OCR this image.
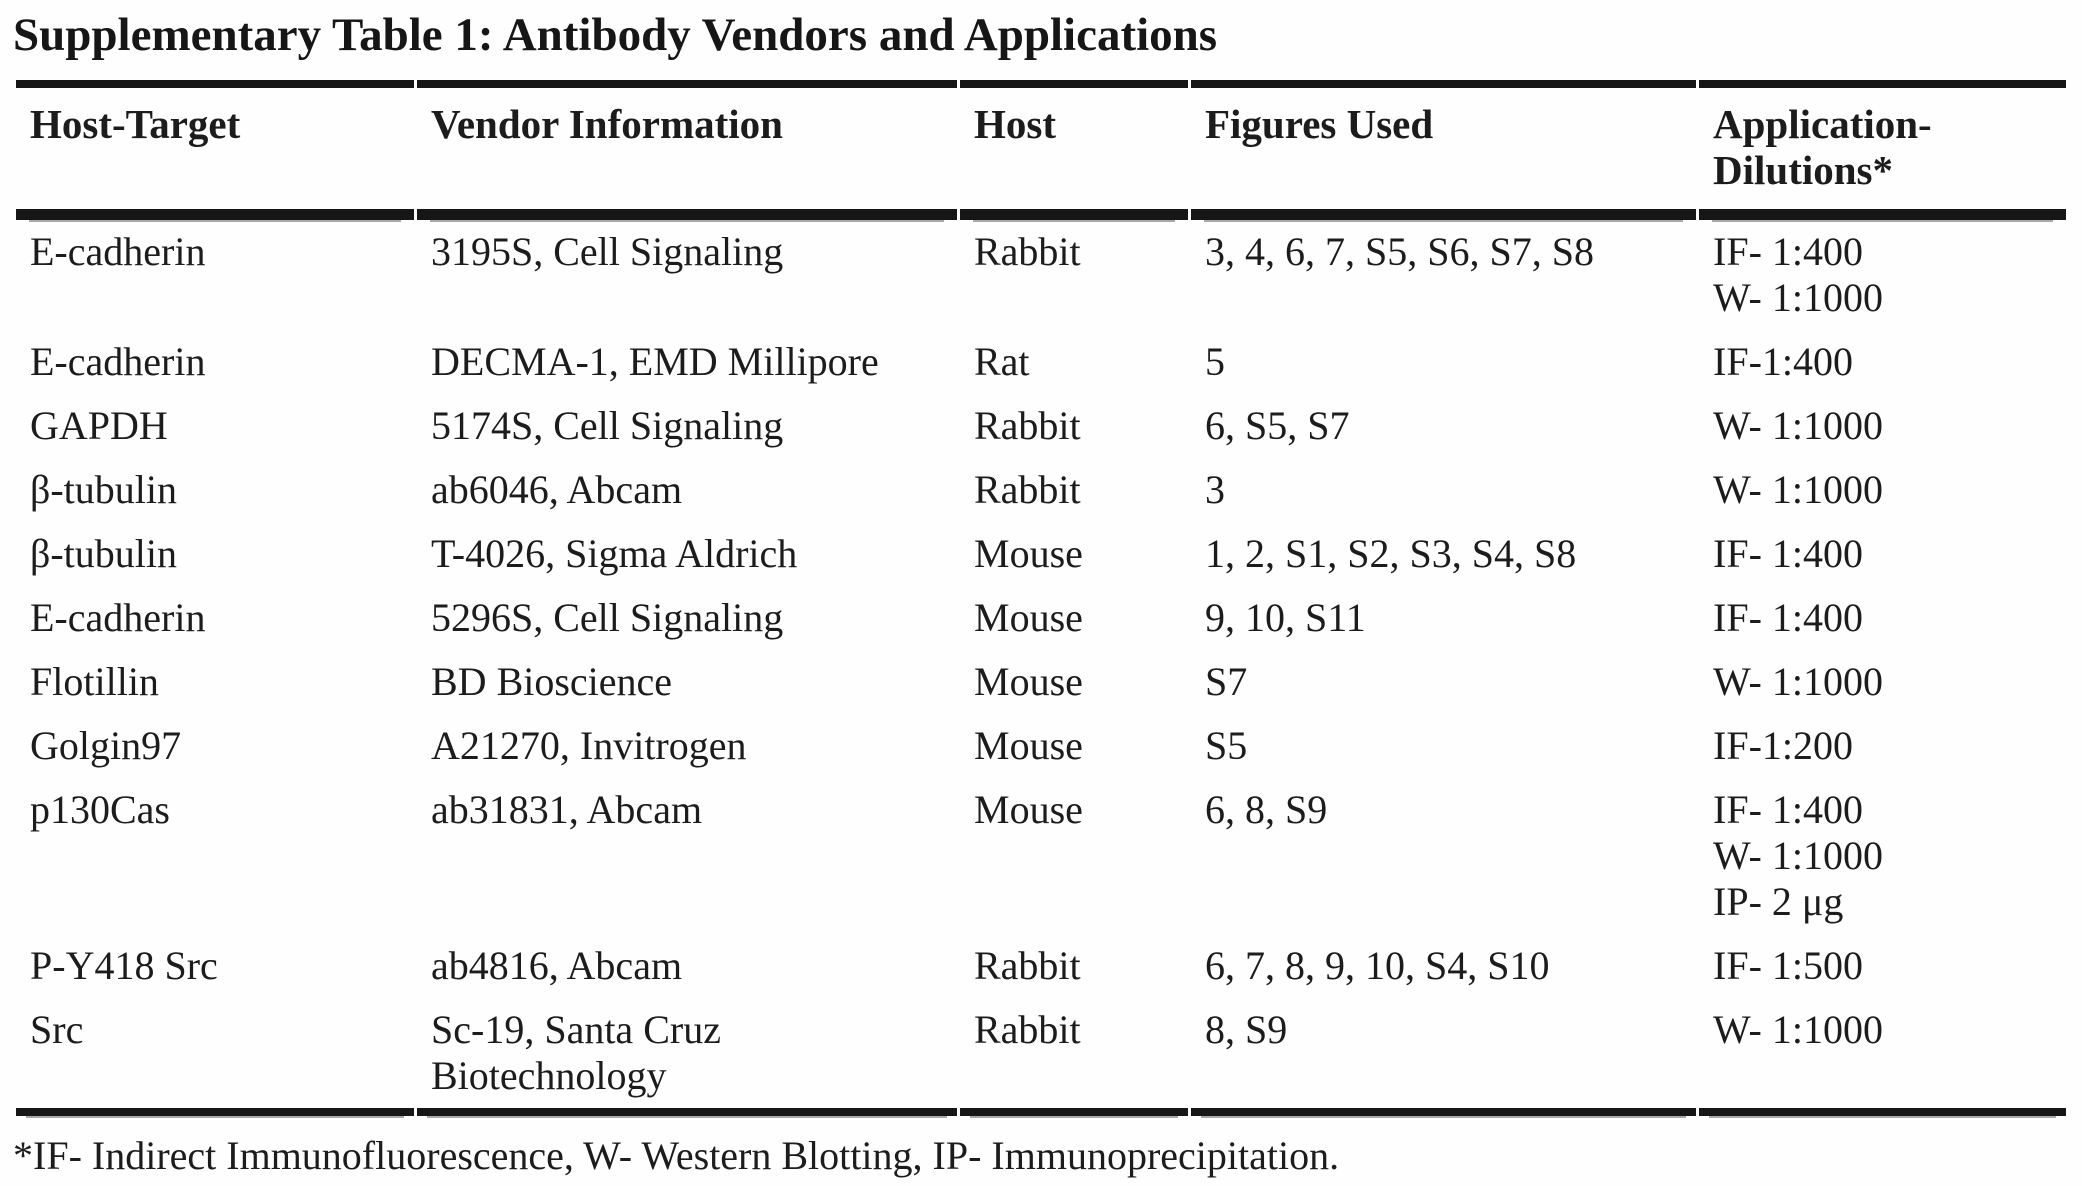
Supplementary Table 1: Antibody Vendors and Applications
Host-Target	Vendor Information	Host	Figures Used	Application-Dilutions*
E-cadherin	3195S, Cell Signaling	Rabbit	3, 4, 6, 7, S5, S6, S7, S8	IF- 1:400
W- 1:1000

E-cadherin	DECMA-1, EMD Millipore	Rat	5	IF-1:400

GAPDH	5174S, Cell Signaling	Rabbit	6, S5, S7	W- 1:1000

β-tubulin	ab6046, Abcam	Rabbit	3	W- 1:1000

β-tubulin	T-4026, Sigma Aldrich	Mouse	1, 2, S1, S2, S3, S4, S8	IF- 1:400

E-cadherin	5296S, Cell Signaling	Mouse	9, 10, S11	IF- 1:400

Flotillin	BD Bioscience	Mouse	S7	W- 1:1000

Golgin97	A21270, Invitrogen	Mouse	S5	IF-1:200

p130Cas	ab31831, Abcam	Mouse	6, 8, S9	IF- 1:400
W- 1:1000
IP- 2 μg

P-Y418 Src	ab4816, Abcam	Rabbit	6, 7, 8, 9, 10, S4, S10	IF- 1:500

Src	Sc-19, Santa Cruz Biotechnology	Rabbit	8, S9	W- 1:1000
*IF- Indirect Immunofluorescence, W- Western Blotting, IP- Immunoprecipitation.
